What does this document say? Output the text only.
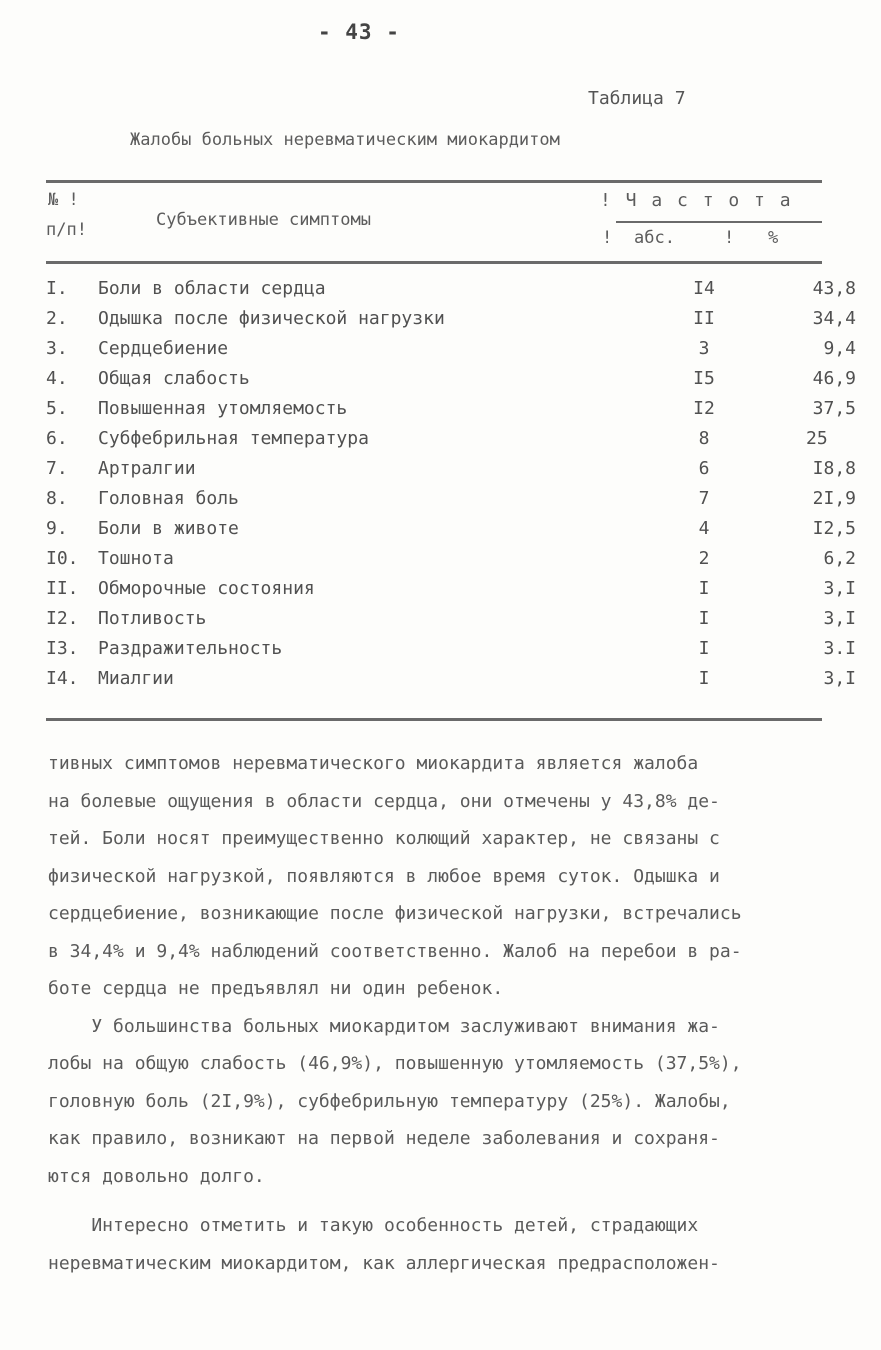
- 43 -
Таблица 7
Жалобы больных неревматическим миокардитом
№ !
п/п!	Субъективные симптомы
! Ч а с т о т а
! абс.	! %
I. Боли в области сердца	I4	43,8
2. Одышка после физической нагрузки	II	34,4
3. Сердцебиение	3	9,4
4. Общая слабость	I5	46,9
5. Повышенная утомляемость	I2	37,5
6. Субфебрильная температура	8	25
7. Артралгии	6	I8,8
8. Головная боль	7	2I,9
9. Боли в животе	4	I2,5
I0. Тошнота	2	6,2
II. Обморочные состояния	I	3,I
I2. Потливость	I	3,I
I3. Раздражительность	I	3.I
I4. Миалгии	I	3,I

тивных симптомов неревматического миокардита является жалоба

на болевые ощущения в области сердца, они отмечены у 43,8% де-

тей. Боли носят преимущественно колющий характер, не связаны с

физической нагрузкой, появляются в любое время суток. Одышка и

сердцебиение, возникающие после физической нагрузки, встречались

в 34,4% и 9,4% наблюдений соответственно. Жалоб на перебои в ра-

боте сердца не предъявлял ни один ребенок.

У большинства больных миокардитом заслуживают внимания жа-

лобы на общую слабость (46,9%), повышенную утомляемость (37,5%),

головную боль (2I,9%), субфебрильную температуру (25%). Жалобы,

как правило, возникают на первой неделе заболевания и сохраня-

ются довольно долго.

Интересно отметить и такую особенность детей, страдающих

неревматическим миокардитом, как аллергическая предрасположен-
